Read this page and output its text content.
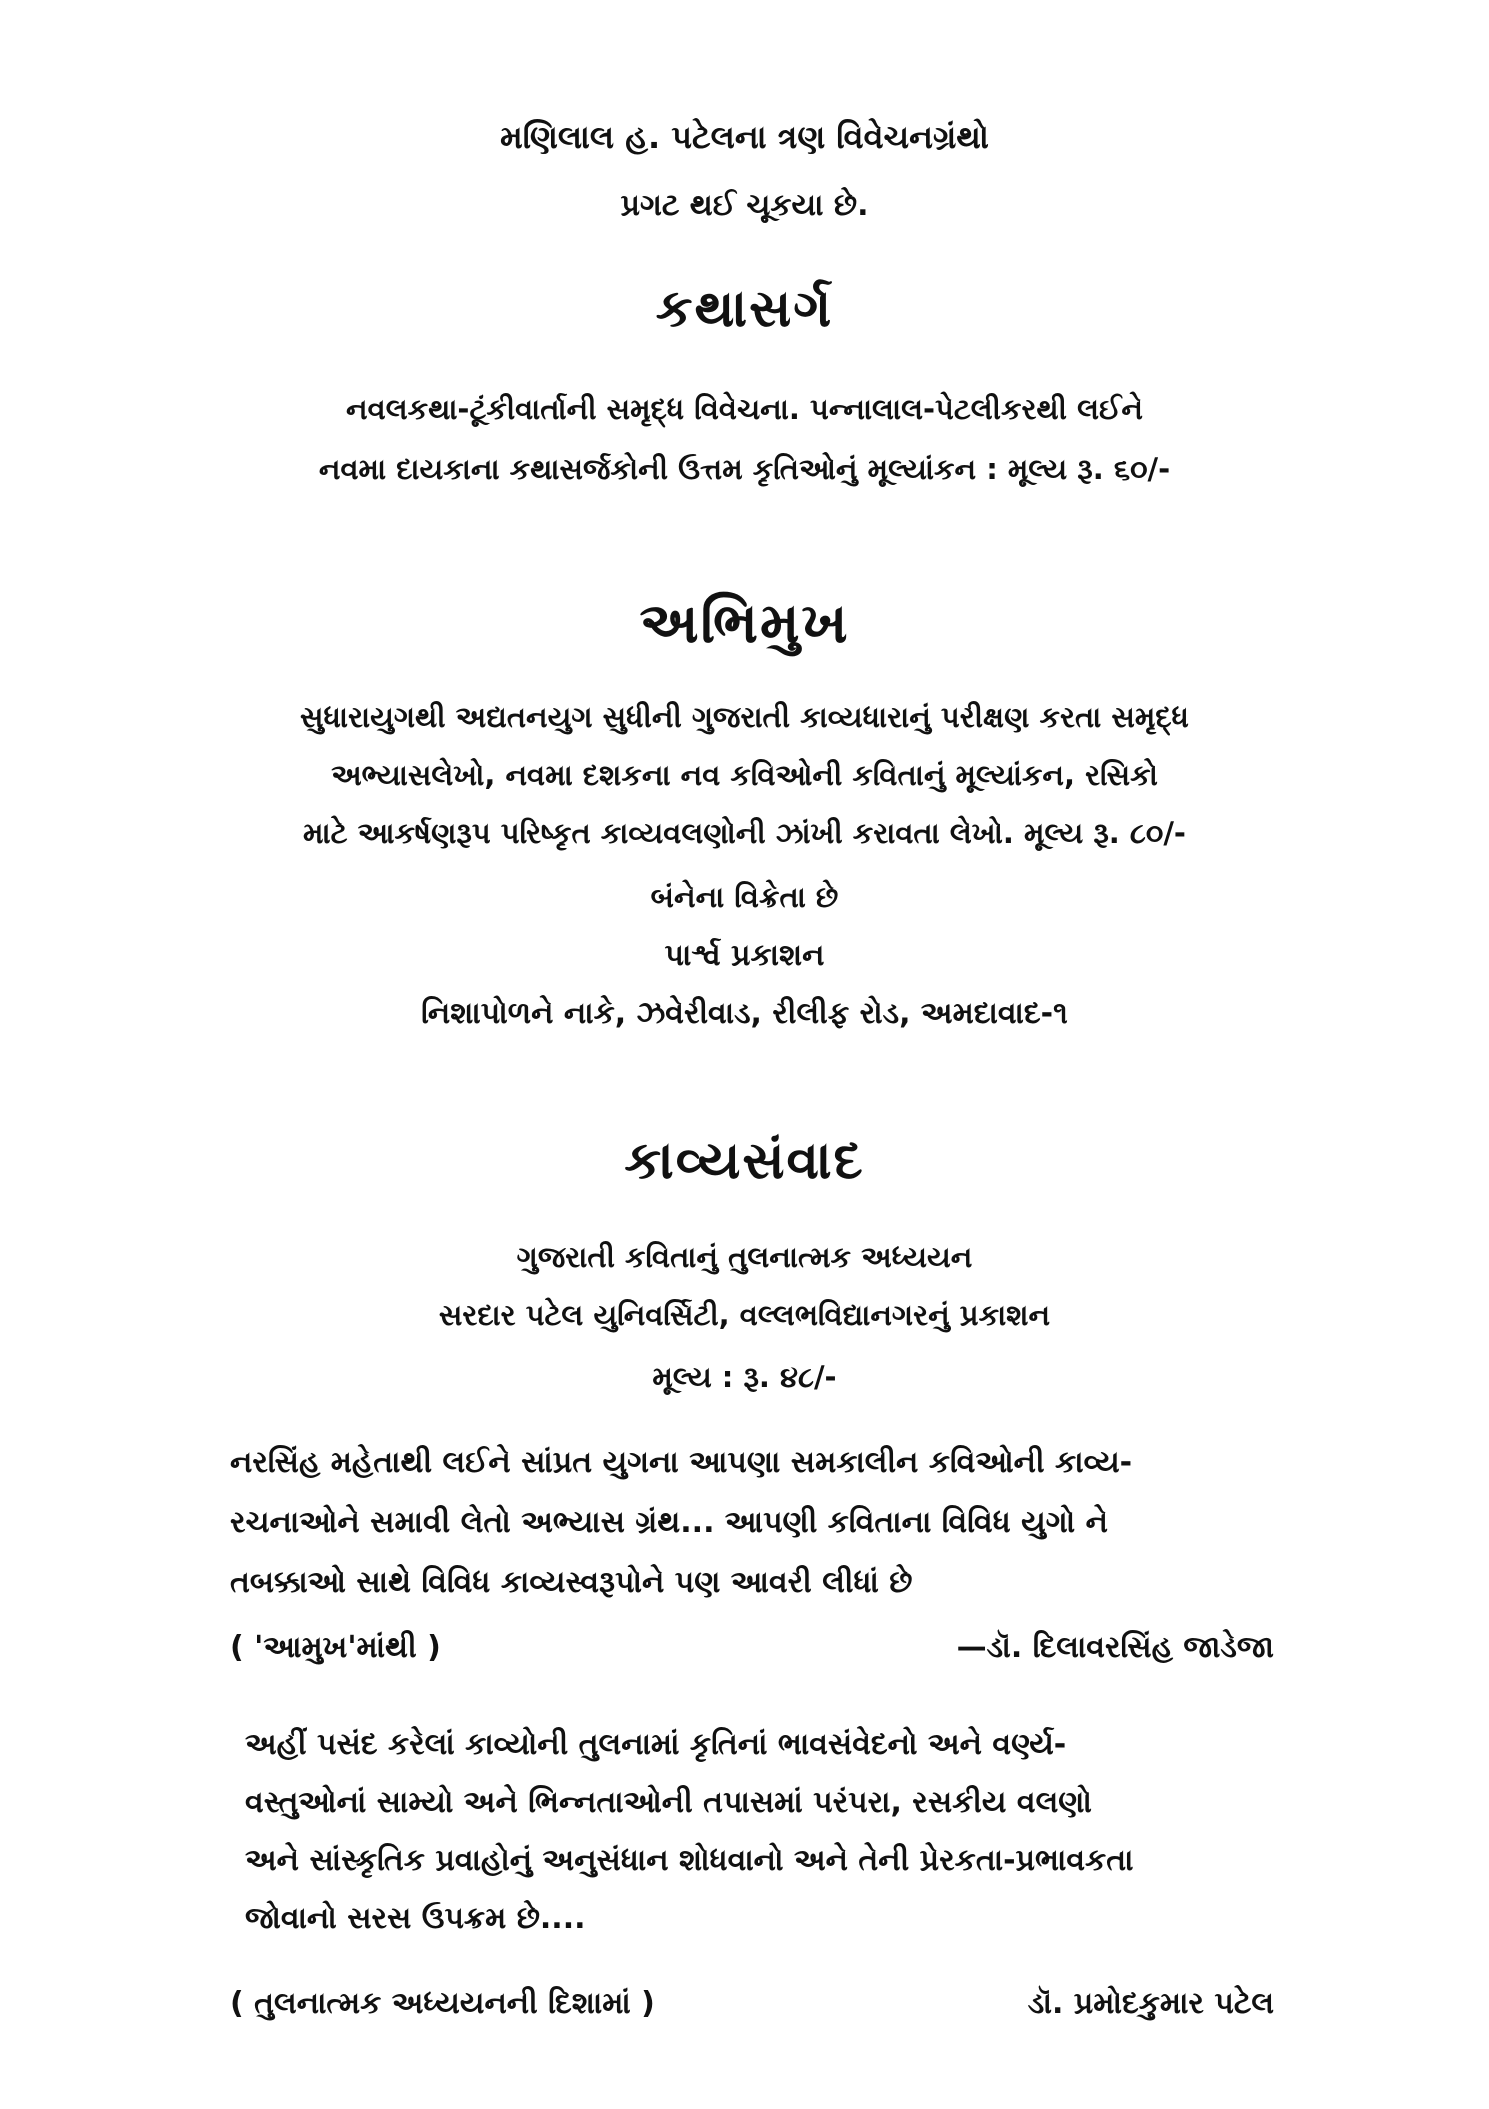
મણિલાલ હ. પટેલના ત્રણ વિવેચનગ્રંથો
પ્રગટ થઈ ચૂકયા છે.
કથાસર્ગ
નવલકથા-ટૂંકીવાર્તાની સમૃદ્ધ વિવેચના. પન્નાલાલ-પેટલીકરથી લઈને
નવમા દાયકાના કથાસર્જકોની ઉત્તમ કૃતિઓનું મૂલ્યાંકન : મૂલ્ય રૂ. ૬૦/-
અભિમુખ
સુધારાયુગથી અદ્યતનયુગ સુધીની ગુજરાતી કાવ્યધારાનું પરીક્ષણ કરતા સમૃદ્ધ
અભ્યાસલેખો, નવમા દશકના નવ કવિઓની કવિતાનું મૂલ્યાંકન, રસિકો
માટે આકર્ષણરૂપ પરિષ્કૃત કાવ્યવલણોની ઝાંખી કરાવતા લેખો. મૂલ્ય રૂ. ૮૦/-
બંનેના વિક્રેતા છે
પાર્શ્વ પ્રકાશન
નિશાપોળને નાકે, ઝવેરીવાડ, રીલીફ રોડ, અમદાવાદ-૧
કાવ્યસંવાદ
ગુજરાતી કવિતાનું તુલનાત્મક અધ્યયન
સરદાર પટેલ યુનિવર્સિટી, વલ્લભવિદ્યાનગરનું પ્રકાશન
મૂલ્ય : રૂ. ૪૮/-
નરસિંહ મહેતાથી લઈને સાંપ્રત યુગના આપણા સમકાલીન કવિઓની કાવ્ય-
રચનાઓને સમાવી લેતો અભ્યાસ ગ્રંથ... આપણી કવિતાના વિવિધ યુગો ને
તબક્કાઓ સાથે વિવિધ કાવ્યસ્વરૂપોને પણ આવરી લીધાં છે
( 'આમુખ'માંથી )	—ડૉ. દિલાવરસિંહ જાડેજા
અહીં પસંદ કરેલાં કાવ્યોની તુલનામાં કૃતિનાં ભાવસંવેદનો અને વર્ણ્ય-
વસ્તુઓનાં સામ્યો અને ભિન્નતાઓની તપાસમાં પરંપરા, રસકીય વલણો
અને સાંસ્કૃતિક પ્રવાહોનું અનુસંધાન શોધવાનો અને તેની પ્રેરકતા-પ્રભાવકતા
જોવાનો સરસ ઉપક્રમ છે....
( તુલનાત્મક અધ્યયનની દિશામાં )	ડૉ. પ્રમોદકુમાર પટેલ
